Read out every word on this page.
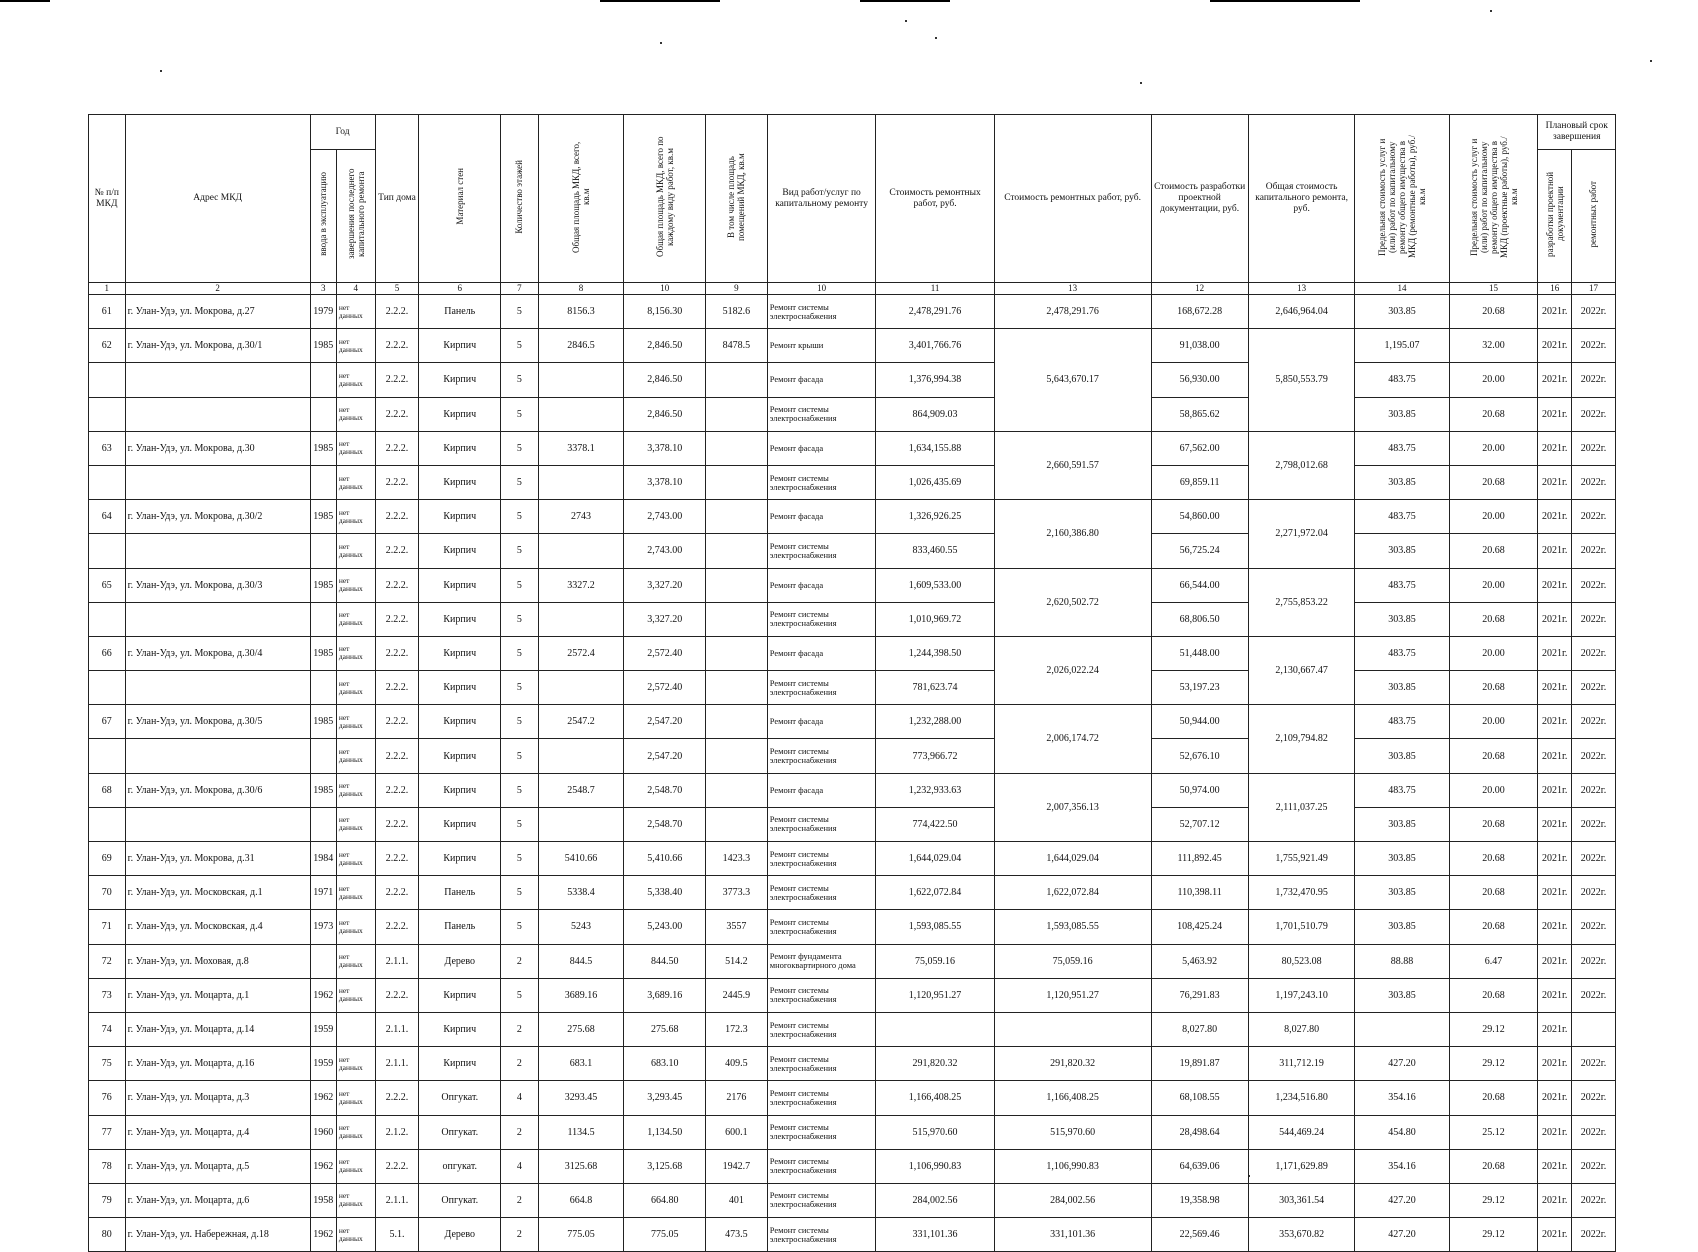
№ п/п МКД	Адрес МКД	Год		Тип дома	Материал стен	Количество этажей	Общая площадь МКД, всего, кв.м	Общая площадь МКД, всего по каждому виду работ, кв.м	В том числе площадь помещений МКД, кв.м	Вид работ/услуг по капитальному ремонту	Стоимость ремонтных работ, руб.	Стоимость ремонтных работ, руб.	Стоимость разработки проектной документации, руб.	Общая стоимость капитального ремонта, руб.	Предельная стоимость услуг и (или) работ по капитальному ремонту общего имущества в МКД (ремонтные работы), руб./кв.м	Предельная стоимость услуг и (или) работ по капитальному ремонту общего имущества в МКД (проектные работы), руб./кв.м	Плановый срок завершения	
		ввода в эксплуатацию	завершения последнего капитального ремонта														разработки проектной документации	ремонтных работ
1	2	3	4	5	6	7	8	10	9	10	11	13	12	13	14	15	16	17
61	г. Улан-Удэ, ул. Мокрова, д.27	1979	нет данных	2.2.2.	Панель	5	8156.3	8,156.30	5182.6	Ремонт системы электроснабжения	2,478,291.76	2,478,291.76	168,672.28	2,646,964.04	303.85	20.68	2021г.	2022г.
62	г. Улан-Удэ, ул. Мокрова, д.30/1	1985	нет данных	2.2.2.	Кирпич	5	2846.5	2,846.50	8478.5	Ремонт крыши	3,401,766.76	5,643,670.17	91,038.00	5,850,553.79	1,195.07	32.00	2021г.	2022г.
			нет данных	2.2.2.	Кирпич	5		2,846.50		Ремонт фасада	1,376,994.38		56,930.00		483.75	20.00	2021г.	2022г.
			нет данных	2.2.2.	Кирпич	5		2,846.50		Ремонт системы электроснабжения	864,909.03		58,865.62		303.85	20.68	2021г.	2022г.
63	г. Улан-Удэ, ул. Мокрова, д.30	1985	нет данных	2.2.2.	Кирпич	5	3378.1	3,378.10		Ремонт фасада	1,634,155.88	2,660,591.57	67,562.00	2,798,012.68	483.75	20.00	2021г.	2022г.
			нет данных	2.2.2.	Кирпич	5		3,378.10		Ремонт системы электроснабжения	1,026,435.69		69,859.11		303.85	20.68	2021г.	2022г.
64	г. Улан-Удэ, ул. Мокрова, д.30/2	1985	нет данных	2.2.2.	Кирпич	5	2743	2,743.00		Ремонт фасада	1,326,926.25	2,160,386.80	54,860.00	2,271,972.04	483.75	20.00	2021г.	2022г.
			нет данных	2.2.2.	Кирпич	5		2,743.00		Ремонт системы электроснабжения	833,460.55		56,725.24		303.85	20.68	2021г.	2022г.
65	г. Улан-Удэ, ул. Мокрова, д.30/3	1985	нет данных	2.2.2.	Кирпич	5	3327.2	3,327.20		Ремонт фасада	1,609,533.00	2,620,502.72	66,544.00	2,755,853.22	483.75	20.00	2021г.	2022г.
			нет данных	2.2.2.	Кирпич	5		3,327.20		Ремонт системы электроснабжения	1,010,969.72		68,806.50		303.85	20.68	2021г.	2022г.
66	г. Улан-Удэ, ул. Мокрова, д.30/4	1985	нет данных	2.2.2.	Кирпич	5	2572.4	2,572.40		Ремонт фасада	1,244,398.50	2,026,022.24	51,448.00	2,130,667.47	483.75	20.00	2021г.	2022г.
			нет данных	2.2.2.	Кирпич	5		2,572.40		Ремонт системы электроснабжения	781,623.74		53,197.23		303.85	20.68	2021г.	2022г.
67	г. Улан-Удэ, ул. Мокрова, д.30/5	1985	нет данных	2.2.2.	Кирпич	5	2547.2	2,547.20		Ремонт фасада	1,232,288.00	2,006,174.72	50,944.00	2,109,794.82	483.75	20.00	2021г.	2022г.
			нет данных	2.2.2.	Кирпич	5		2,547.20		Ремонт системы электроснабжения	773,966.72		52,676.10		303.85	20.68	2021г.	2022г.
68	г. Улан-Удэ, ул. Мокрова, д.30/6	1985	нет данных	2.2.2.	Кирпич	5	2548.7	2,548.70		Ремонт фасада	1,232,933.63	2,007,356.13	50,974.00	2,111,037.25	483.75	20.00	2021г.	2022г.
			нет данных	2.2.2.	Кирпич	5		2,548.70		Ремонт системы электроснабжения	774,422.50		52,707.12		303.85	20.68	2021г.	2022г.
69	г. Улан-Удэ, ул. Мокрова, д.31	1984	нет данных	2.2.2.	Кирпич	5	5410.66	5,410.66	1423.3	Ремонт системы электроснабжения	1,644,029.04	1,644,029.04	111,892.45	1,755,921.49	303.85	20.68	2021г.	2022г.
70	г. Улан-Удэ, ул. Московская, д.1	1971	нет данных	2.2.2.	Панель	5	5338.4	5,338.40	3773.3	Ремонт системы электроснабжения	1,622,072.84	1,622,072.84	110,398.11	1,732,470.95	303.85	20.68	2021г.	2022г.
71	г. Улан-Удэ, ул. Московская, д.4	1973	нет данных	2.2.2.	Панель	5	5243	5,243.00	3557	Ремонт системы электроснабжения	1,593,085.55	1,593,085.55	108,425.24	1,701,510.79	303.85	20.68	2021г.	2022г.
72	г. Улан-Удэ, ул. Моховая, д.8		нет данных	2.1.1.	Дерево	2	844.5	844.50	514.2	Ремонт фундамента многоквартирного дома	75,059.16	75,059.16	5,463.92	80,523.08	88.88	6.47	2021г.	2022г.
73	г. Улан-Удэ, ул. Моцарта, д.1	1962	нет данных	2.2.2.	Кирпич	5	3689.16	3,689.16	2445.9	Ремонт системы электроснабжения	1,120,951.27	1,120,951.27	76,291.83	1,197,243.10	303.85	20.68	2021г.	2022г.
74	г. Улан-Удэ, ул. Моцарта, д.14	1959		2.1.1.	Кирпич	2	275.68	275.68	172.3	Ремонт системы электроснабжения			8,027.80	8,027.80		29.12	2021г.	
75	г. Улан-Удэ, ул. Моцарта, д.16	1959	нет данных	2.1.1.	Кирпич	2	683.1	683.10	409.5	Ремонт системы электроснабжения	291,820.32	291,820.32	19,891.87	311,712.19	427.20	29.12	2021г.	2022г.
76	г. Улан-Удэ, ул. Моцарта, д.3	1962	нет данных	2.2.2.	Опгукат.	4	3293.45	3,293.45	2176	Ремонт системы электроснабжения	1,166,408.25	1,166,408.25	68,108.55	1,234,516.80	354.16	20.68	2021г.	2022г.
77	г. Улан-Удэ, ул. Моцарта, д.4	1960	нет данных	2.1.2.	Опгукат.	2	1134.5	1,134.50	600.1	Ремонт системы электроснабжения	515,970.60	515,970.60	28,498.64	544,469.24	454.80	25.12	2021г.	2022г.
78	г. Улан-Удэ, ул. Моцарта, д.5	1962	нет данных	2.2.2.	опгукат.	4	3125.68	3,125.68	1942.7	Ремонт системы электроснабжения	1,106,990.83	1,106,990.83	64,639.06	1,171,629.89	354.16	20.68	2021г.	2022г.
79	г. Улан-Удэ, ул. Моцарта, д.6	1958	нет данных	2.1.1.	Опгукат.	2	664.8	664.80	401	Ремонт системы электроснабжения	284,002.56	284,002.56	19,358.98	303,361.54	427.20	29.12	2021г.	2022г.
80	г. Улан-Удэ, ул. Набережная, д.18	1962	нет данных	5.1.	Дерево	2	775.05	775.05	473.5	Ремонт системы электроснабжения	331,101.36	331,101.36	22,569.46	353,670.82	427.20	29.12	2021г.	2022г.
